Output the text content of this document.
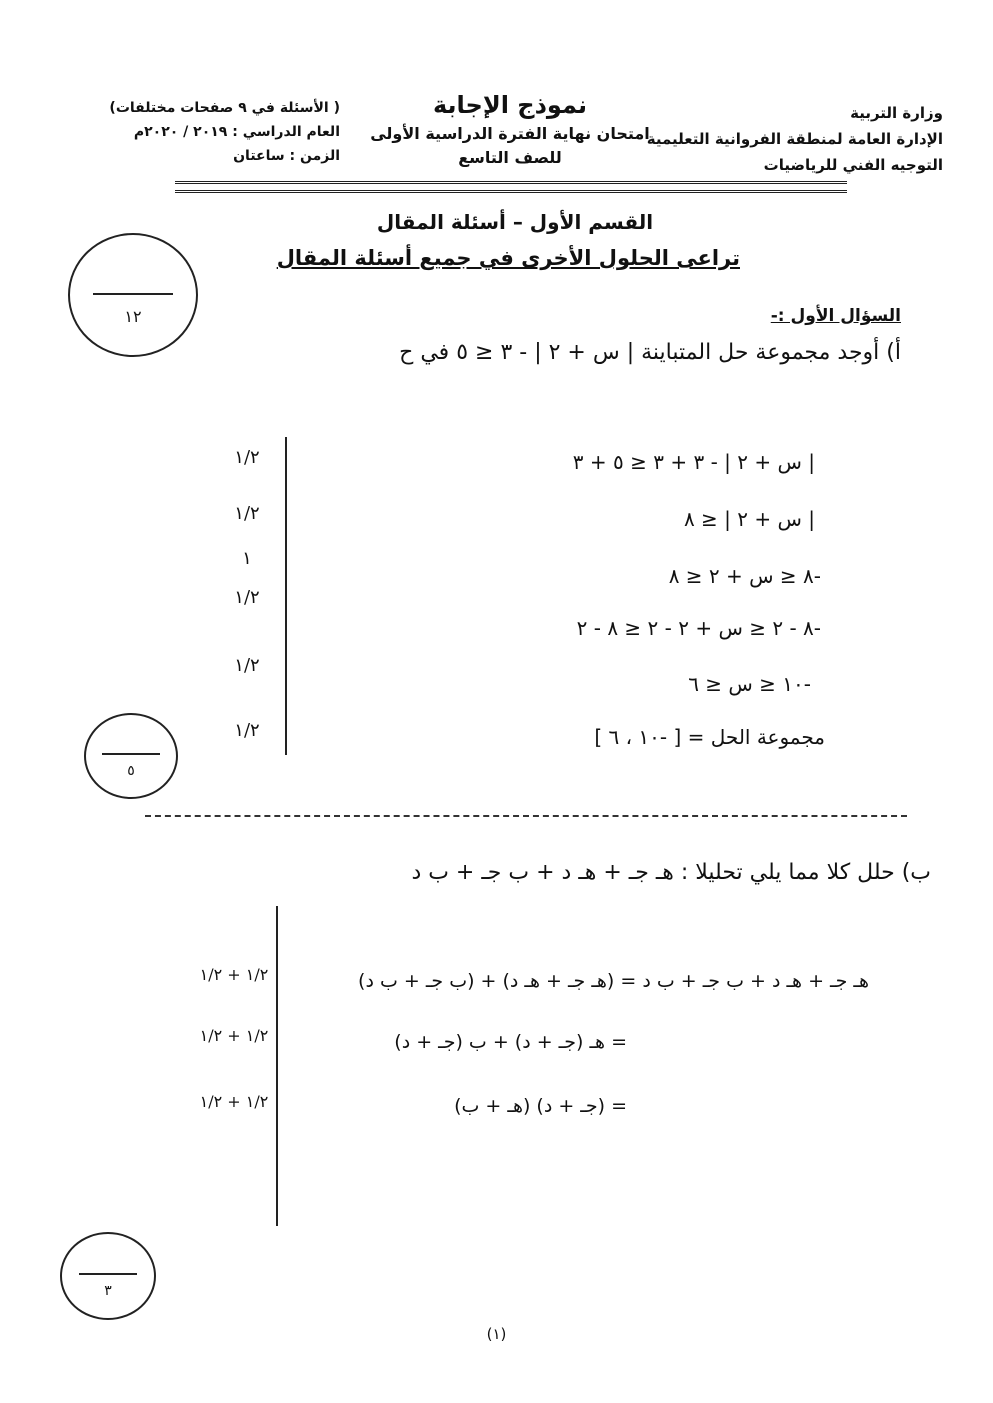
وزارة التربية
الإدارة العامة لمنطقة الفروانية التعليمية
التوجيه الفني للرياضيات
نموذج الإجابة
امتحان نهاية الفترة الدراسية الأولى
للصف التاسع
( الأسئلة في ٩ صفحات مختلفات)
العام الدراسي : ٢٠١٩ / ٢٠٢٠م
الزمن : ساعتان
القسم الأول – أسئلة المقال
تراعى الحلول الأخرى في جميع أسئلة المقال
١٢	السؤال الأول :-
أ) أوجد مجموعة حل المتباينة | س + ٢ | - ٣ ≤ ٥ في ح
| س + ٢ | - ٣ + ٣ ≤ ٥ + ٣
| س + ٢ | ≤ ٨
-٨ ≤ س + ٢ ≤ ٨
-٨ - ٢ ≤ س + ٢ - ٢ ≤ ٨ - ٢
-١٠ ≤ س ≤ ٦
مجموعة الحل = [ -١٠ ، ٦ ]
١/٢
١/٢
١
١/٢
١/٢
١/٢
٥
ب) حلل كلا مما يلي تحليلا : هـ جـ + هـ د + ب جـ + ب د
هـ جـ + هـ د + ب جـ + ب د = (هـ جـ + هـ د) + (ب جـ + ب د)
= هـ (جـ + د) + ب (جـ + د)
= (جـ + د) (هـ + ب)
١/٢ + ١/٢
١/٢ + ١/٢
١/٢ + ١/٢
٣
(١)
